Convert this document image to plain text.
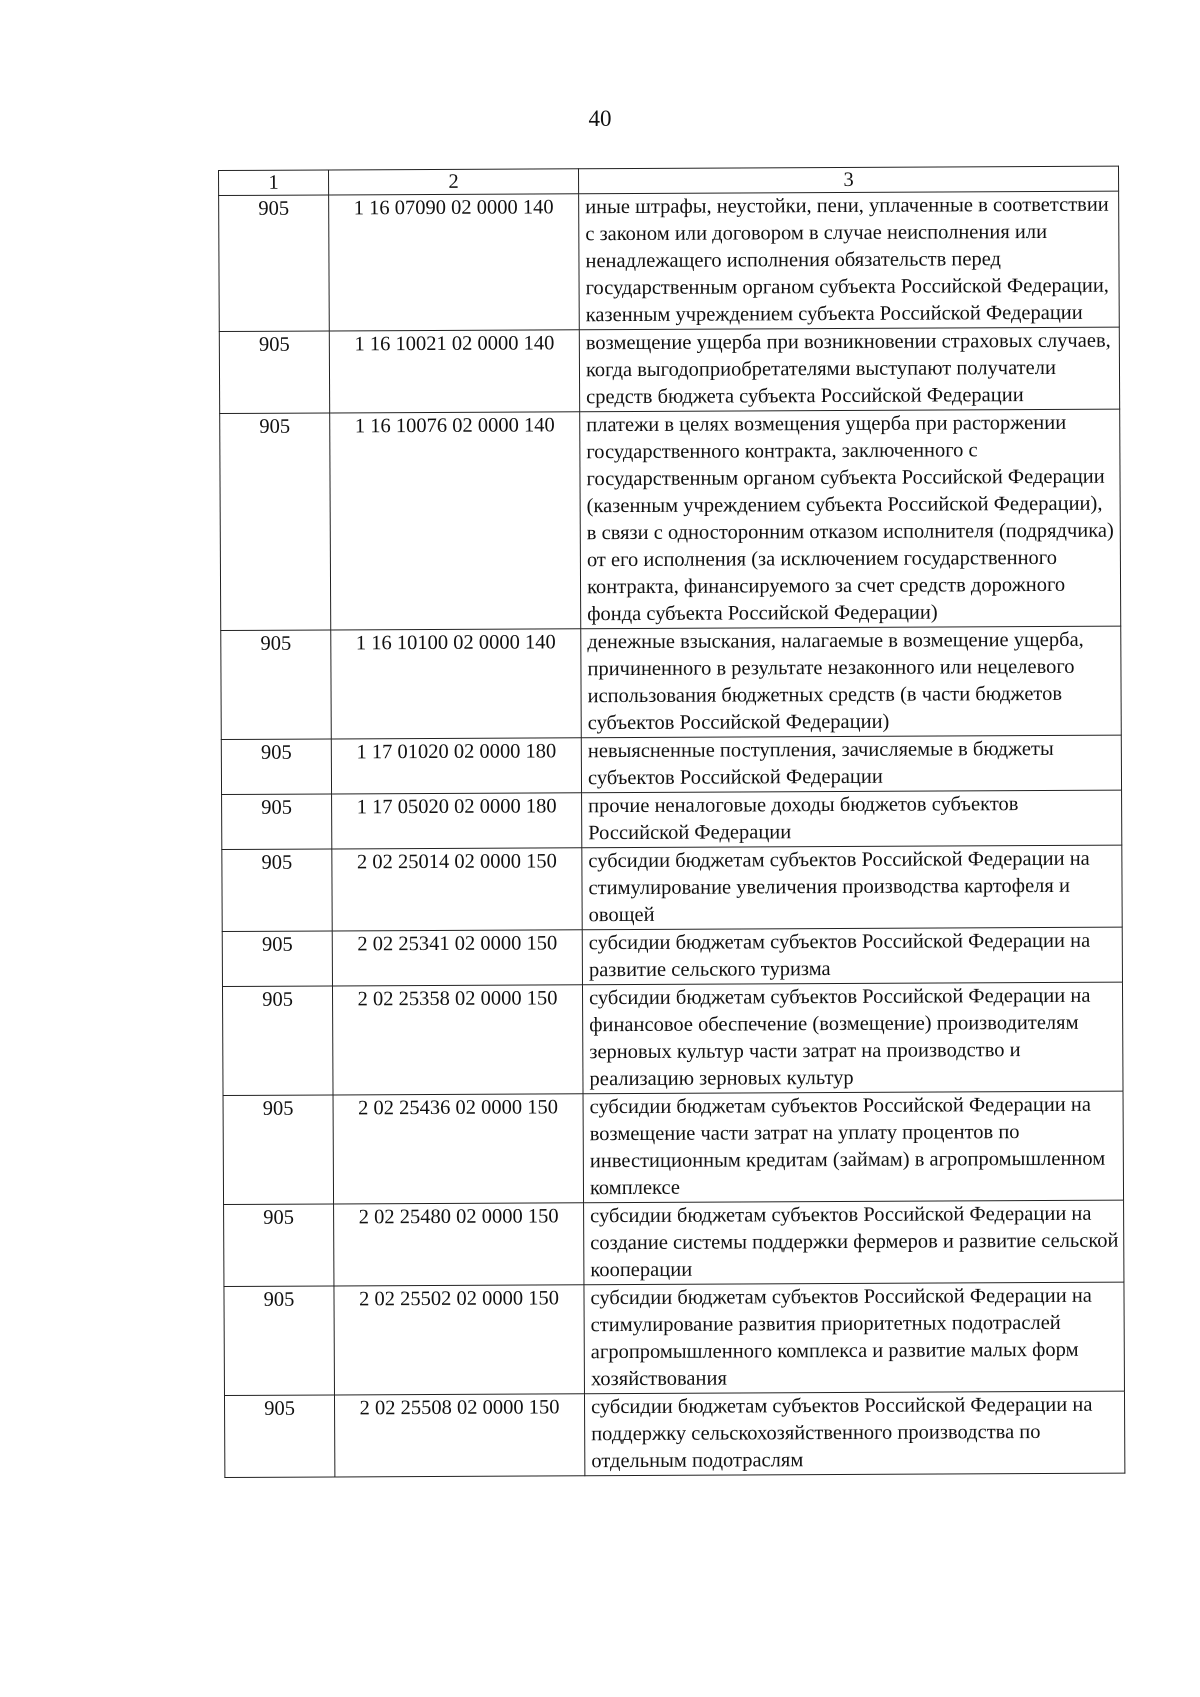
40
1	2	3
905	1 16 07090 02 0000 140	иные штрафы, неустойки, пени, уплаченные в соответствии с законом или договором в случае неисполнения или ненадлежащего исполнения обязательств перед государственным органом субъекта Российской Федерации, казенным учреждением субъекта Российской Федерации
905	1 16 10021 02 0000 140	возмещение ущерба при возникновении страховых случаев, когда выгодоприобретателями выступают получатели средств бюджета субъекта Российской Федерации
905	1 16 10076 02 0000 140	платежи в целях возмещения ущерба при расторжении государственного контракта, заключенного с государственным органом субъекта Российской Федерации (казенным учреждением субъекта Российской Федерации), в связи с односторонним отказом исполнителя (подрядчика) от его исполнения (за исключением государственного контракта, финансируемого за счет средств дорожного фонда субъекта Российской Федерации)
905	1 16 10100 02 0000 140	денежные взыскания, налагаемые в возмещение ущерба, причиненного в результате незаконного или нецелевого использования бюджетных средств (в части бюджетов субъектов Российской Федерации)
905	1 17 01020 02 0000 180	невыясненные поступления, зачисляемые в бюджеты субъектов Российской Федерации
905	1 17 05020 02 0000 180	прочие неналоговые доходы бюджетов субъектов Российской Федерации
905	2 02 25014 02 0000 150	субсидии бюджетам субъектов Российской Федерации на стимулирование увеличения производства картофеля и овощей
905	2 02 25341 02 0000 150	субсидии бюджетам субъектов Российской Федерации на развитие сельского туризма
905	2 02 25358 02 0000 150	субсидии бюджетам субъектов Российской Федерации на финансовое обеспечение (возмещение) производителям зерновых культур части затрат на производство и реализацию зерновых культур
905	2 02 25436 02 0000 150	субсидии бюджетам субъектов Российской Федерации на возмещение части затрат на уплату процентов по инвестиционным кредитам (займам) в агропромышленном комплексе
905	2 02 25480 02 0000 150	субсидии бюджетам субъектов Российской Федерации на создание системы поддержки фермеров и развитие сельской кооперации
905	2 02 25502 02 0000 150	субсидии бюджетам субъектов Российской Федерации на стимулирование развития приоритетных подотраслей агропромышленного комплекса и развитие малых форм хозяйствования
905	2 02 25508 02 0000 150	субсидии бюджетам субъектов Российской Федерации на поддержку сельскохозяйственного производства по отдельным подотраслям
